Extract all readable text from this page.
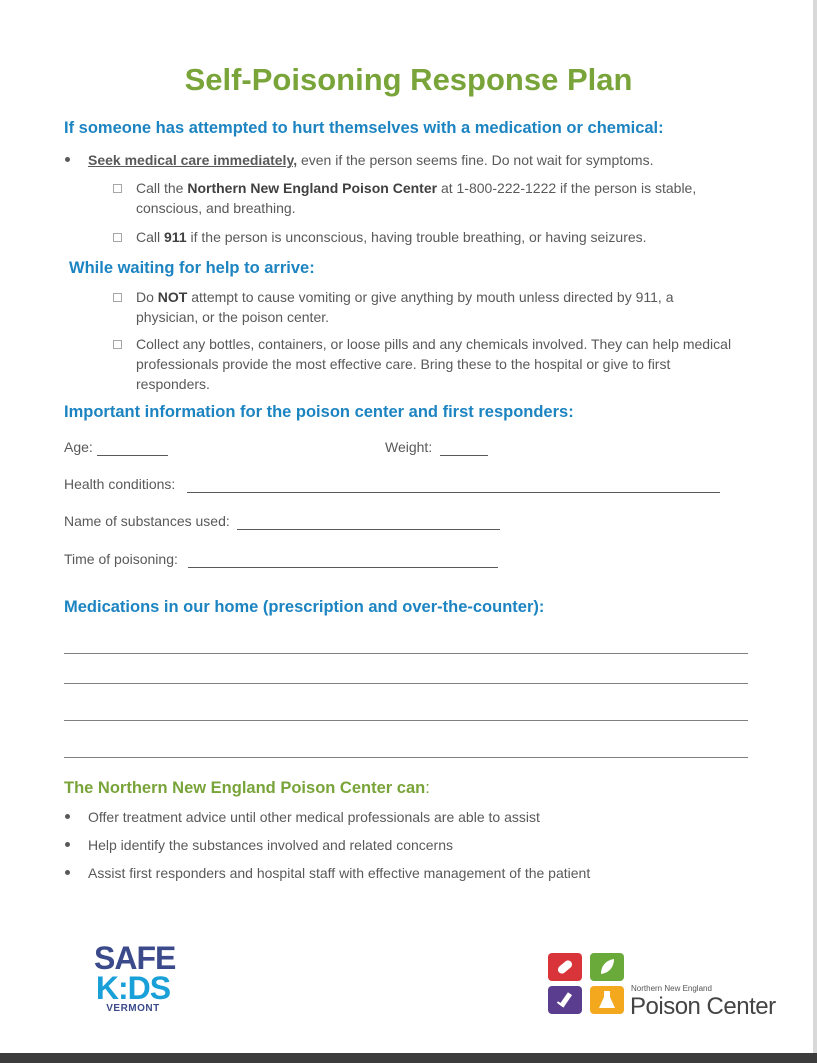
Self-Poisoning Response Plan
If someone has attempted to hurt themselves with a medication or chemical:
Seek medical care immediately, even if the person seems fine. Do not wait for symptoms.
Call the Northern New England Poison Center at 1-800-222-1222 if the person is stable, conscious, and breathing.
Call 911 if the person is unconscious, having trouble breathing, or having seizures.
While waiting for help to arrive:
Do NOT attempt to cause vomiting or give anything by mouth unless directed by 911, a physician, or the poison center.
Collect any bottles, containers, or loose pills and any chemicals involved. They can help medical professionals provide the most effective care. Bring these to the hospital or give to first responders.
Important information for the poison center and first responders:
Age:	Weight:
Health conditions:
Name of substances used:
Time of poisoning:
Medications in our home (prescription and over-the-counter):
The Northern New England Poison Center can:
Offer treatment advice until other medical professionals are able to assist
Help identify the substances involved and related concerns
Assist first responders and hospital staff with effective management of the patient
SAFE
K:DS
VERMONT
Northern New England
Poison Center
